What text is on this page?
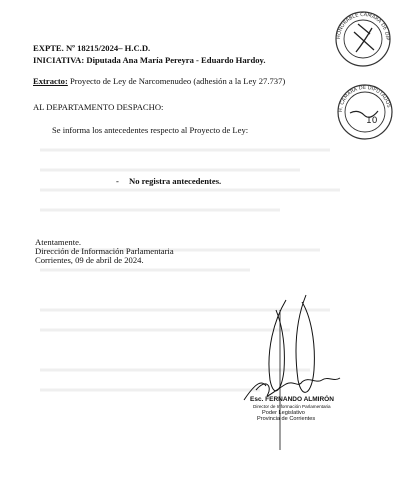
EXPTE. Nº 18215/2024– H.C.D.
INICIATIVA: Diputada Ana María Pereyra - Eduardo Hardoy.
Extracto: Proyecto de Ley de Narcomenudeo (adhesión a la Ley 27.737)
AL DEPARTAMENTO DESPACHO:
Se informa los antecedentes respecto al Proyecto de Ley:
- No registra antecedentes.
Atentamente.
Dirección de Información Parlamentaria
Corrientes, 09 de abril de 2024.
HONORABLE CÁMARA DE DIP
H. CÁMARA DE DIPUTADOS
10
Esc. FERNANDO ALMIRÓN
Director de Información Parlamentaria
Poder Legislativo
Provincia de Corrientes
